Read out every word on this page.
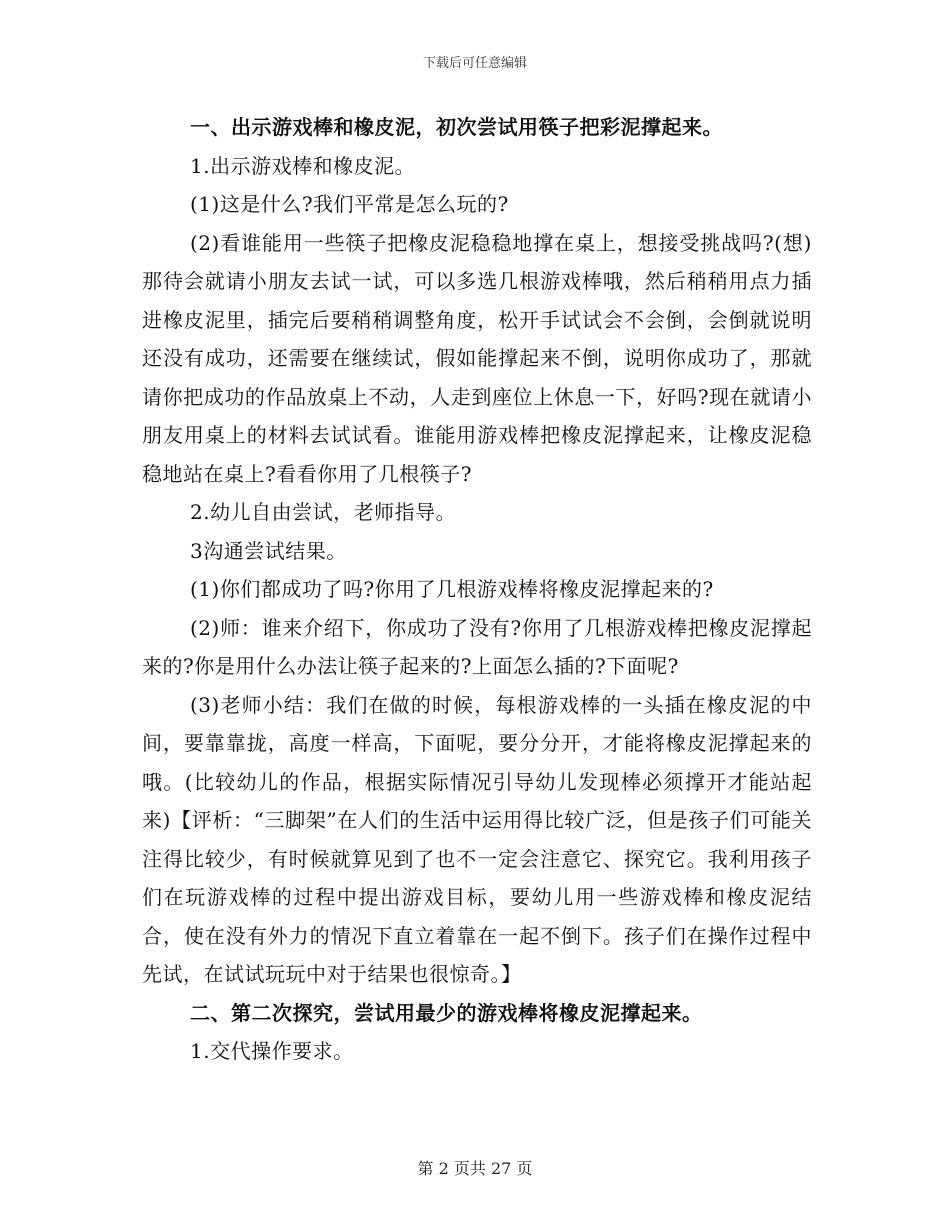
下载后可任意编辑

一、出示游戏棒和橡皮泥，初次尝试用筷子把彩泥撑起来。

1.出示游戏棒和橡皮泥。

(1)这是什么?我们平常是怎么玩的?

(2)看谁能用一些筷子把橡皮泥稳稳地撑在桌上，想接受挑战吗?(想)那待会就请小朋友去试一试，可以多选几根游戏棒哦，然后稍稍用点力插进橡皮泥里，插完后要稍稍调整角度，松开手试试会不会倒，会倒就说明还没有成功，还需要在继续试，假如能撑起来不倒，说明你成功了，那就请你把成功的作品放桌上不动，人走到座位上休息一下，好吗?现在就请小朋友用桌上的材料去试试看。谁能用游戏棒把橡皮泥撑起来，让橡皮泥稳稳地站在桌上?看看你用了几根筷子?

2.幼儿自由尝试，老师指导。

3沟通尝试结果。

(1)你们都成功了吗?你用了几根游戏棒将橡皮泥撑起来的?

(2)师：谁来介绍下，你成功了没有?你用了几根游戏棒把橡皮泥撑起来的?你是用什么办法让筷子起来的?上面怎么插的?下面呢?

(3)老师小结：我们在做的时候，每根游戏棒的一头插在橡皮泥的中间，要靠靠拢，高度一样高，下面呢，要分分开，才能将橡皮泥撑起来的哦。(比较幼儿的作品，根据实际情况引导幼儿发现棒必须撑开才能站起来)【评析：“三脚架”在人们的生活中运用得比较广泛，但是孩子们可能关注得比较少，有时候就算见到了也不一定会注意它、探究它。我利用孩子们在玩游戏棒的过程中提出游戏目标，要幼儿用一些游戏棒和橡皮泥结合，使在没有外力的情况下直立着靠在一起不倒下。孩子们在操作过程中先试，在试试玩玩中对于结果也很惊奇。】

二、第二次探究，尝试用最少的游戏棒将橡皮泥撑起来。

1.交代操作要求。

第 2 页共 27 页
